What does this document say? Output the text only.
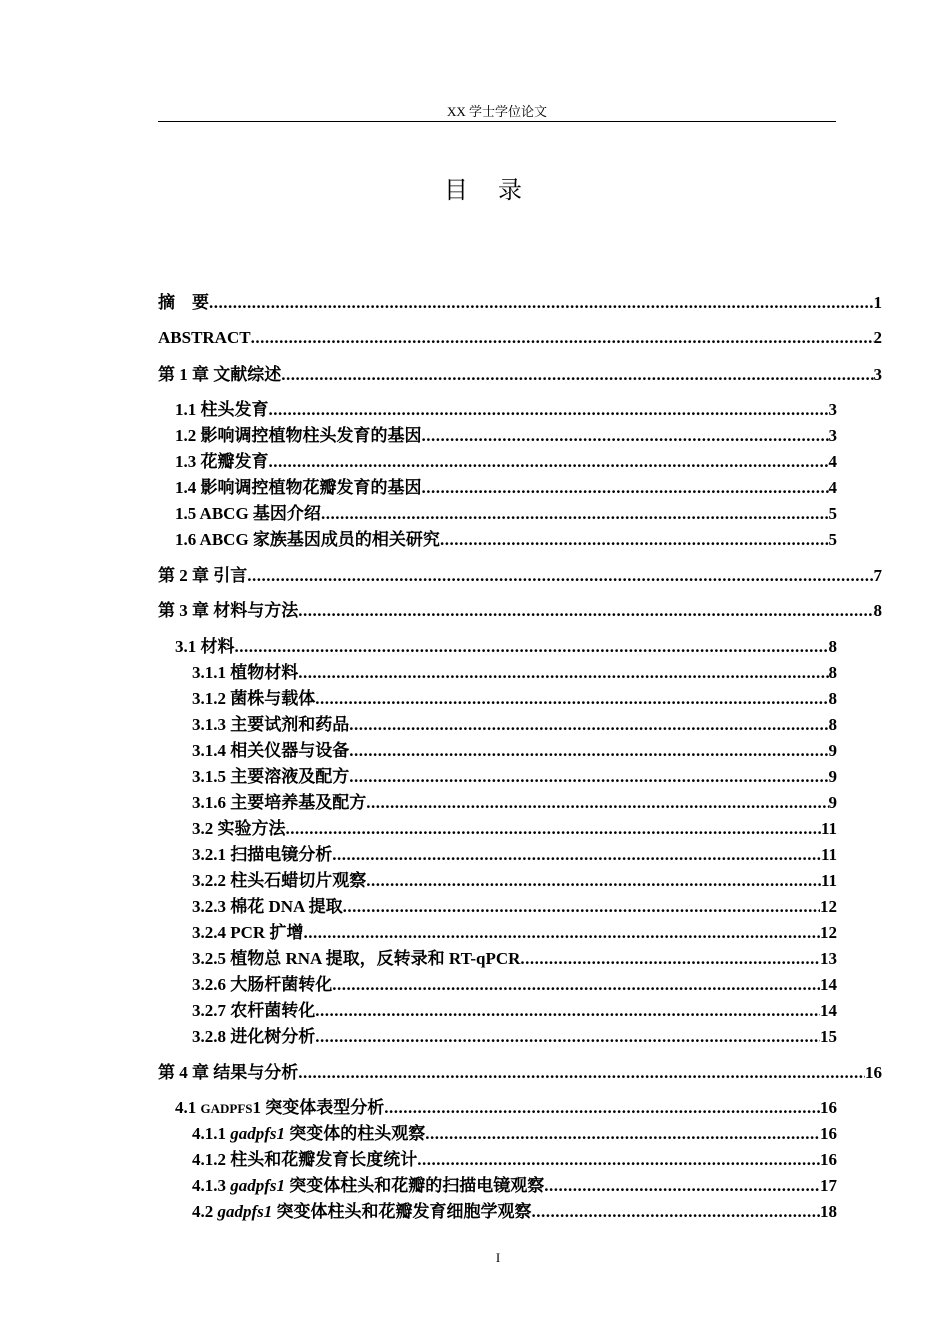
XX 学士学位论文
目录
摘　要 .....	1
ABSTRACT .....	2
第 1 章 文献综述 .....	3
1.1 柱头发育 .....	3
1.2 影响调控植物柱头发育的基因 .....	3
1.3 花瓣发育 .....	4
1.4 影响调控植物花瓣发育的基因 .....	4
1.5 ABCG 基因介绍 .....	5
1.6 ABCG 家族基因成员的相关研究 .....	5
第 2 章 引言 .....	7
第 3 章 材料与方法 .....	8
3.1 材料 .....	8
3.1.1 植物材料 .....	8
3.1.2 菌株与载体 .....	8
3.1.3 主要试剂和药品 .....	8
3.1.4 相关仪器与设备 .....	9
3.1.5 主要溶液及配方 .....	9
3.1.6 主要培养基及配方 .....	9
3.2 实验方法 .....	11
3.2.1 扫描电镜分析 .....	11
3.2.2 柱头石蜡切片观察 .....	11
3.2.3 棉花 DNA 提取 .....	12
3.2.4 PCR 扩增 .....	12
3.2.5 植物总 RNA 提取，反转录和 RT-qPCR .....	13
3.2.6 大肠杆菌转化 .....	14
3.2.7 农杆菌转化 .....	14
3.2.8 进化树分析 .....	15
第 4 章 结果与分析 .....	16
4.1 GADPFS1 突变体表型分析 .....	16
4.1.1 gadpfs1 突变体的柱头观察 .....	16
4.1.2 柱头和花瓣发育长度统计 .....	16
4.1.3 gadpfs1 突变体柱头和花瓣的扫描电镜观察 .....	17
4.2 gadpfs1 突变体柱头和花瓣发育细胞学观察 .....	18
I
